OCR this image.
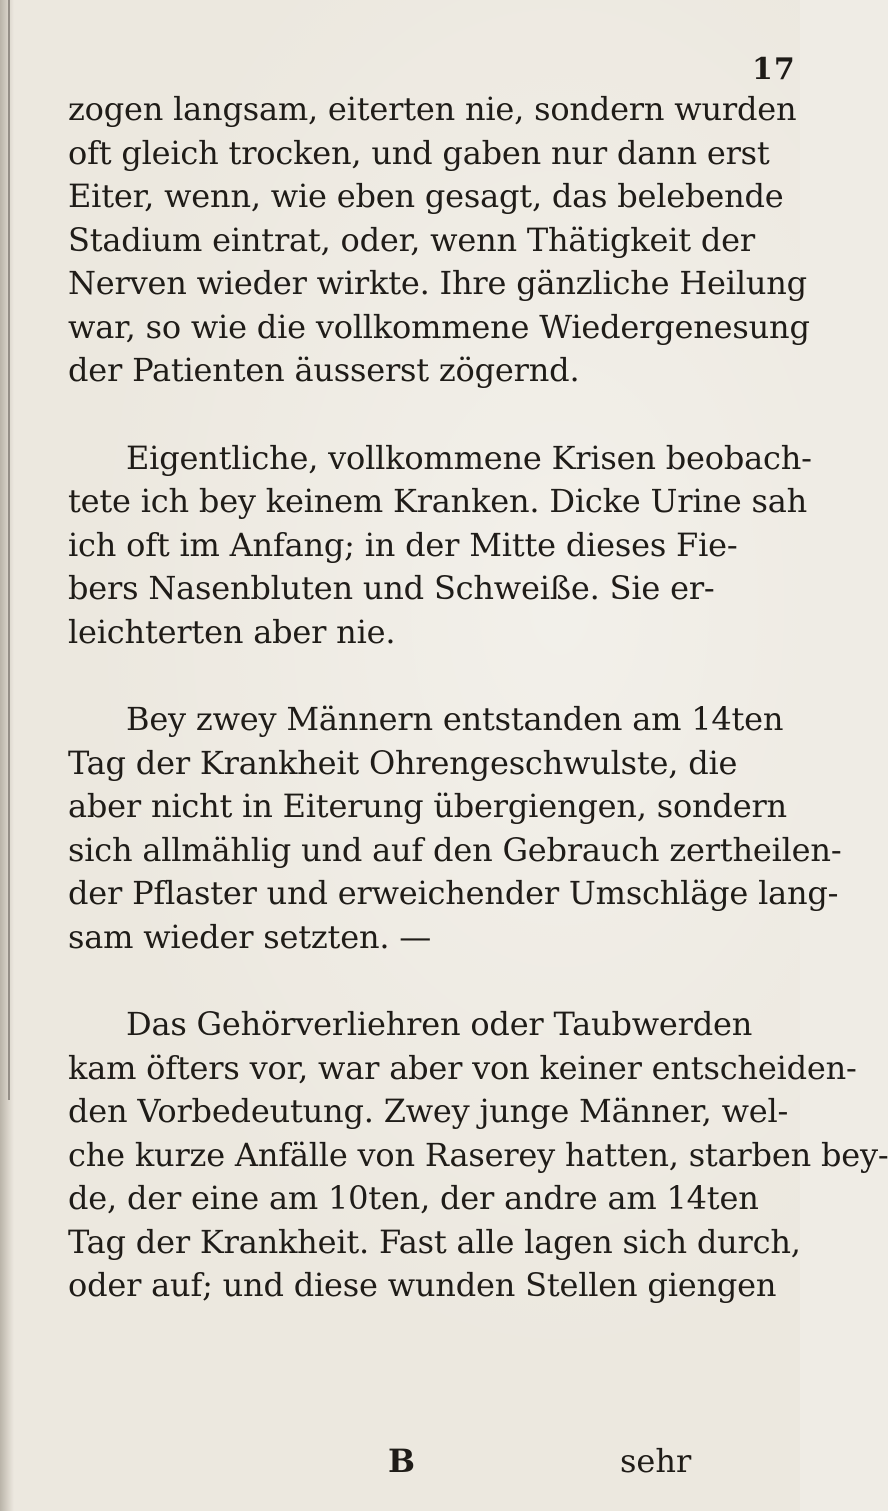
17
zogen langsam, eiterten nie, sondern wurden
oft gleich trocken, und gaben nur dann erst
Eiter, wenn, wie eben gesagt, das belebende
Stadium eintrat, oder, wenn Thätigkeit der
Nerven wieder wirkte. Ihre gänzliche Heilung
war, so wie die vollkommene Wiedergenesung
der Patienten äusserst zögernd.
Eigentliche, vollkommene Krisen beobach-
tete ich bey keinem Kranken. Dicke Urine sah
ich oft im Anfang; in der Mitte dieses Fie-
bers Nasenbluten und Schweiße. Sie er-
leichterten aber nie.
Bey zwey Männern entstanden am 14ten
Tag der Krankheit Ohrengeschwulste, die
aber nicht in Eiterung übergiengen, sondern
sich allmählig und auf den Gebrauch zertheilen-
der Pflaster und erweichender Umschläge lang-
sam wieder setzten. —
Das Gehörverliehren oder Taubwerden
kam öfters vor, war aber von keiner entscheiden-
den Vorbedeutung. Zwey junge Männer, wel-
che kurze Anfälle von Raserey hatten, starben bey-
de, der eine am 10ten, der andre am 14ten
Tag der Krankheit. Fast alle lagen sich durch,
oder auf; und diese wunden Stellen giengen
B	sehr
